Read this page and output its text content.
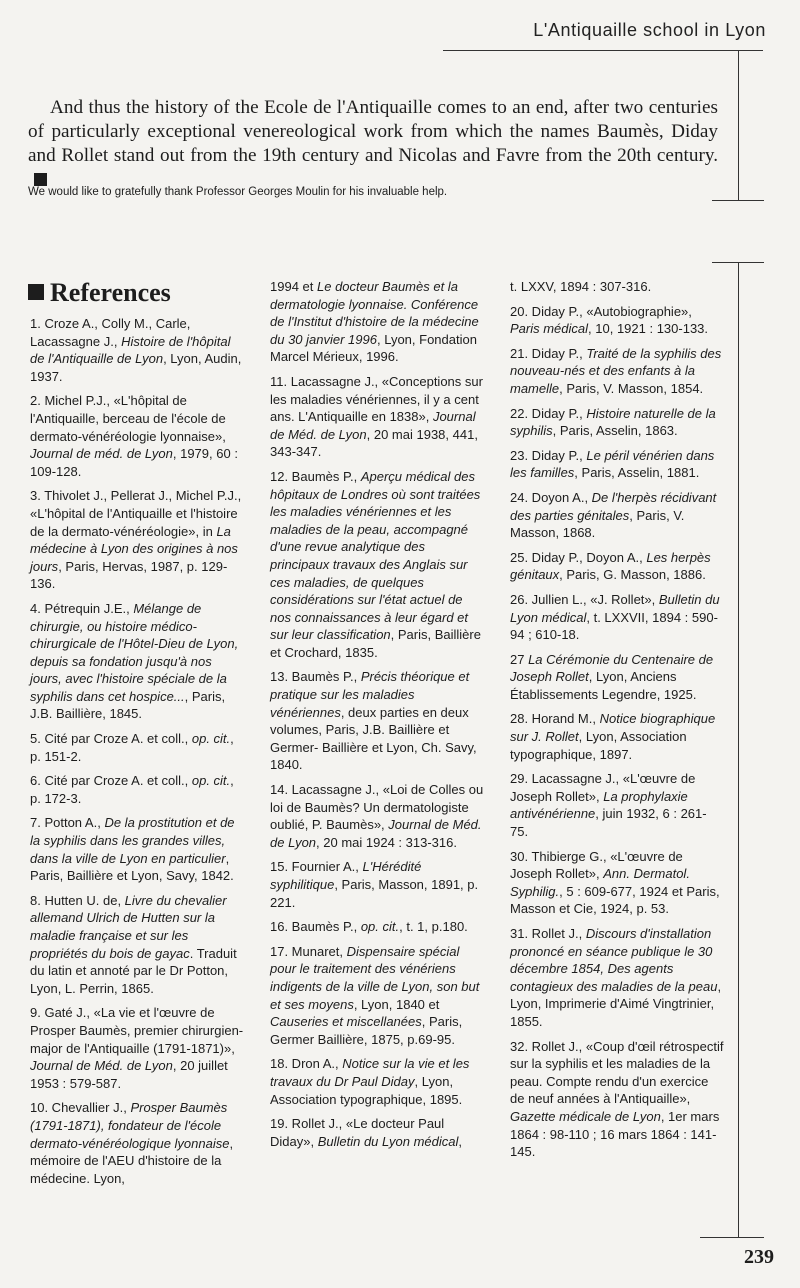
L'Antiquaille school in Lyon

And thus the history of the Ecole de l'Antiquaille comes to an end, after two centuries of particularly exceptional venereological work from which the names Baumès, Diday and Rollet stand out from the 19th century and Nicolas and Favre from the 20th century.

We would like to gratefully thank Professor Georges Moulin for his invaluable help.

References

1. Croze A., Colly M., Carle, Lacassagne J., Histoire de l'hôpital de l'Antiquaille de Lyon, Lyon, Audin, 1937.

2. Michel P.J., «L'hôpital de l'Antiquaille, berceau de l'école de dermato-vénéréologie lyonnaise», Journal de méd. de Lyon, 1979, 60 : 109-128.

3. Thivolet J., Pellerat J., Michel P.J., «L'hôpital de l'Antiquaille et l'histoire de la dermato-vénéréologie», in La médecine à Lyon des origines à nos jours, Paris, Hervas, 1987, p. 129-136.

4. Pétrequin J.E., Mélange de chirurgie, ou histoire médico-chirurgicale de l'Hôtel-Dieu de Lyon, depuis sa fondation jusqu'à nos jours, avec l'histoire spéciale de la syphilis dans cet hospice..., Paris, J.B. Baillière, 1845.

5. Cité par Croze A. et coll., op. cit., p. 151-2.

6. Cité par Croze A. et coll., op. cit., p. 172-3.

7. Potton A., De la prostitution et de la syphilis dans les grandes villes, dans la ville de Lyon en particulier, Paris, Baillière et Lyon, Savy, 1842.

8. Hutten U. de, Livre du chevalier allemand Ulrich de Hutten sur la maladie française et sur les propriétés du bois de gayac. Traduit du latin et annoté par le Dr Potton, Lyon, L. Perrin, 1865.

9. Gaté J., «La vie et l'œuvre de Prosper Baumès, premier chirurgien-major de l'Antiquaille (1791-1871)», Journal de Méd. de Lyon, 20 juillet 1953 : 579-587.

10. Chevallier J., Prosper Baumès (1791-1871), fondateur de l'école dermato-vénéréologique lyonnaise, mémoire de l'AEU d'histoire de la médecine. Lyon,

1994 et Le docteur Baumès et la dermatologie lyonnaise. Conférence de l'Institut d'histoire de la médecine du 30 janvier 1996, Lyon, Fondation Marcel Mérieux, 1996.

11. Lacassagne J., «Conceptions sur les maladies vénériennes, il y a cent ans. L'Antiquaille en 1838», Journal de Méd. de Lyon, 20 mai 1938, 441, 343-347.

12. Baumès P., Aperçu médical des hôpitaux de Londres où sont traitées les maladies vénériennes et les maladies de la peau, accompagné d'une revue analytique des principaux travaux des Anglais sur ces maladies, de quelques considérations sur l'état actuel de nos connaissances à leur égard et sur leur classification, Paris, Baillière et Crochard, 1835.

13. Baumès P., Précis théorique et pratique sur les maladies vénériennes, deux parties en deux volumes, Paris, J.B. Baillière et Germer- Baillière et Lyon, Ch. Savy, 1840.

14. Lacassagne J., «Loi de Colles ou loi de Baumès? Un dermatologiste oublié, P. Baumès», Journal de Méd. de Lyon, 20 mai 1924 : 313-316.

15. Fournier A., L'Hérédité syphilitique, Paris, Masson, 1891, p. 221.

16. Baumès P., op. cit., t. 1, p.180.

17. Munaret, Dispensaire spécial pour le traitement des vénériens indigents de la ville de Lyon, son but et ses moyens, Lyon, 1840 et Causeries et miscellanées, Paris, Germer Baillière, 1875, p.69-95.

18. Dron A., Notice sur la vie et les travaux du Dr Paul Diday, Lyon, Association typographique, 1895.

19. Rollet J., «Le docteur Paul Diday», Bulletin du Lyon médical,

t. LXXV, 1894 : 307-316.

20. Diday P., «Autobiographie», Paris médical, 10, 1921 : 130-133.

21. Diday P., Traité de la syphilis des nouveau-nés et des enfants à la mamelle, Paris, V. Masson, 1854.

22. Diday P., Histoire naturelle de la syphilis, Paris, Asselin, 1863.

23. Diday P., Le péril vénérien dans les familles, Paris, Asselin, 1881.

24. Doyon A., De l'herpès récidivant des parties génitales, Paris, V. Masson, 1868.

25. Diday P., Doyon A., Les herpès génitaux, Paris, G. Masson, 1886.

26. Jullien L., «J. Rollet», Bulletin du Lyon médical, t. LXXVII, 1894 : 590-94 ; 610-18.

27 La Cérémonie du Centenaire de Joseph Rollet, Lyon, Anciens Établissements Legendre, 1925.

28. Horand M., Notice biographique sur J. Rollet, Lyon, Association typographique, 1897.

29. Lacassagne J., «L'œuvre de Joseph Rollet», La prophylaxie antivénérienne, juin 1932, 6 : 261-75.

30. Thibierge G., «L'œuvre de Joseph Rollet», Ann. Dermatol. Syphilig., 5 : 609-677, 1924 et Paris, Masson et Cie, 1924, p. 53.

31. Rollet J., Discours d'installation prononcé en séance publique le 30 décembre 1854, Des agents contagieux des maladies de la peau, Lyon, Imprimerie d'Aimé Vingtrinier, 1855.

32. Rollet J., «Coup d'œil rétrospectif sur la syphilis et les maladies de la peau. Compte rendu d'un exercice de neuf années à l'Antiquaille», Gazette médicale de Lyon, 1er mars 1864 : 98-110 ; 16 mars 1864 : 141-145.

239
